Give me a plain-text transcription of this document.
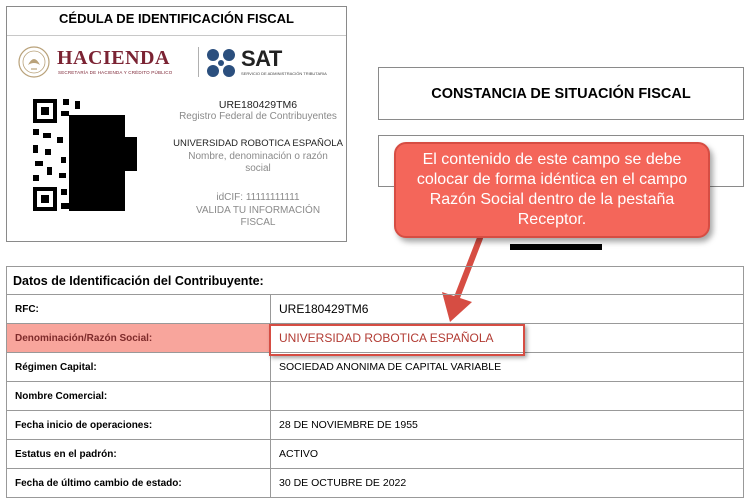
CÉDULA DE IDENTIFICACIÓN FISCAL
HACIENDA
SECRETARÍA DE HACIENDA Y CRÉDITO PÚBLICO
SAT
SERVICIO DE ADMINISTRACIÓN TRIBUTARIA
URE180429TM6
Registro Federal de Contribuyentes
UNIVERSIDAD ROBOTICA ESPAÑOLA
Nombre, denominación o razón
social
idCIF: 11111111111
VALIDA TU INFORMACIÓN
FISCAL
CONSTANCIA DE SITUACIÓN FISCAL
El contenido de este campo se debe colocar de forma idéntica en el campo Razón Social dentro de la pestaña Receptor.
Datos de Identificación del Contribuyente:	
RFC:	URE180429TM6
Denominación/Razón Social:	UNIVERSIDAD ROBOTICA ESPAÑOLA
Régimen Capital:	SOCIEDAD ANONIMA DE CAPITAL VARIABLE
Nombre Comercial:	
Fecha inicio de operaciones:	28 DE NOVIEMBRE DE 1955
Estatus en el padrón:	ACTIVO
Fecha de último cambio de estado:	30 DE OCTUBRE DE 2022
